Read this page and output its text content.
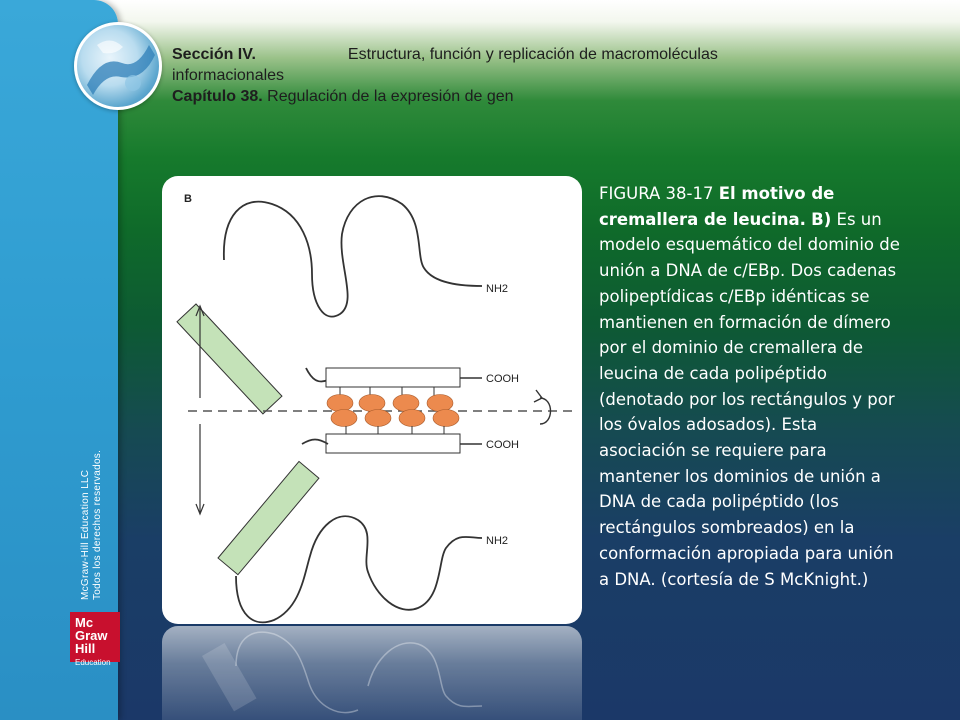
Sección IV.	Estructura, función y replicación de macromoléculas
informacionales
Capítulo 38. Regulación de la expresión de gen
McGraw-Hill Education LLC Todos los derechos reservados.
Mc
Graw
Hill
Education
B
NH2
COOH
COOH
NH2
FIGURA 38-17 El motivo de cremallera de leucina. B) Es un modelo esquemático del dominio de unión a DNA de c/EBp. Dos cadenas polipeptídicas c/EBp idénticas se mantienen en formación de dímero por el dominio de cremallera de leucina de cada polipéptido (denotado por los rectángulos y por los óvalos adosados). Esta asociación se requiere para mantener los dominios de unión a DNA de cada polipéptido (los rectángulos sombreados) en la conformación apropiada para unión a DNA. (cortesía de S McKnight.)
